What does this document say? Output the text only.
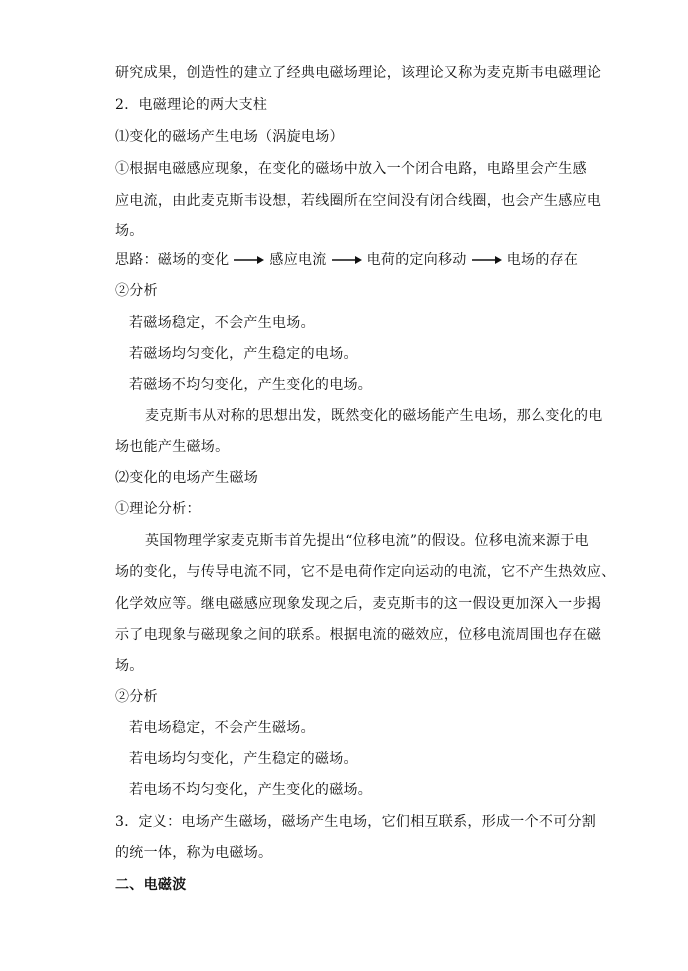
研究成果，创造性的建立了经典电磁场理论，该理论又称为麦克斯韦电磁理论
2．电磁理论的两大支柱
⑴变化的磁场产生电场（涡旋电场）
①根据电磁感应现象，在变化的磁场中放入一个闭合电路，电路里会产生感
应电流，由此麦克斯韦设想，若线圈所在空间没有闭合线圈，也会产生感应电
场。
思路：磁场的变化	感应电流	电荷的定向移动	电场的存在
②分析
若磁场稳定，不会产生电场。
若磁场均匀变化，产生稳定的电场。
若磁场不均匀变化，产生变化的电场。
麦克斯韦从对称的思想出发，既然变化的磁场能产生电场，那么变化的电
场也能产生磁场。
⑵变化的电场产生磁场
①理论分析：
英国物理学家麦克斯韦首先提出“位移电流”的假设。位移电流来源于电
场的变化，与传导电流不同，它不是电荷作定向运动的电流，它不产生热效应、
化学效应等。继电磁感应现象发现之后，麦克斯韦的这一假设更加深入一步揭
示了电现象与磁现象之间的联系。根据电流的磁效应，位移电流周围也存在磁
场。
②分析
若电场稳定，不会产生磁场。
若电场均匀变化，产生稳定的磁场。
若电场不均匀变化，产生变化的磁场。
3．定义：电场产生磁场，磁场产生电场，它们相互联系，形成一个不可分割
的统一体，称为电磁场。
二、电磁波
